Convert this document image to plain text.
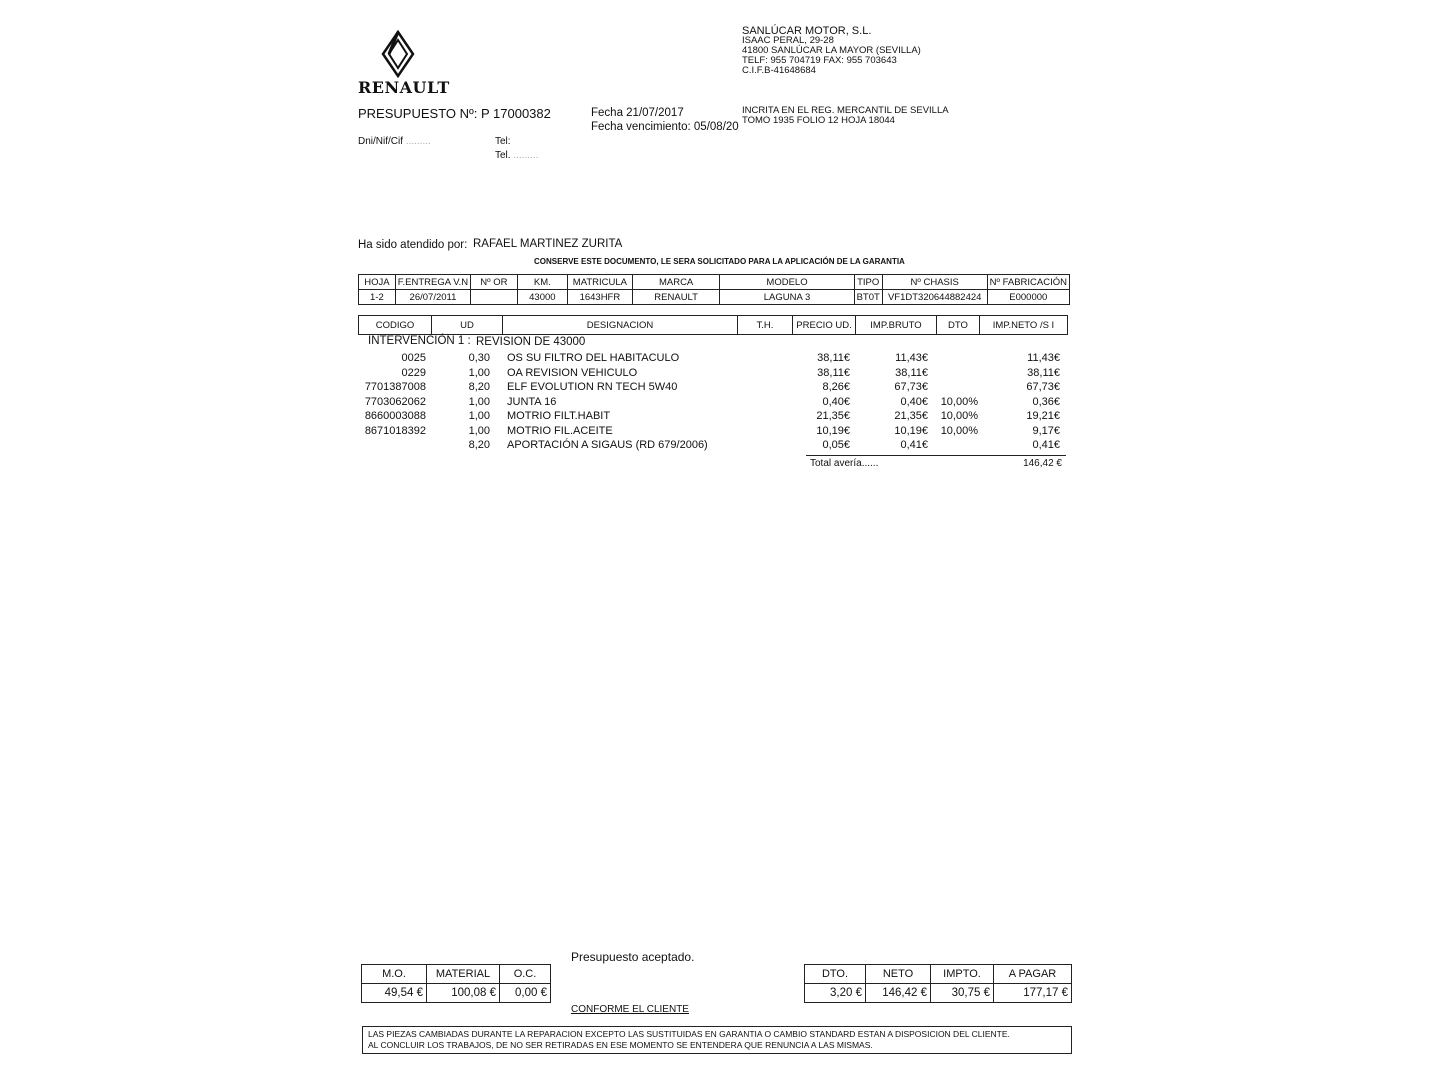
RENAULT
SANLÚCAR MOTOR, S.L.
ISAAC PERAL, 29-28
41800 SANLÚCAR LA MAYOR (SEVILLA)
TELF: 955 704719 FAX: 955 703643
C.I.F.B-41648684
INCRITA EN EL REG. MERCANTIL DE SEVILLA
TOMO 1935 FOLIO 12 HOJA 18044
PRESUPUESTO Nº: P 17000382	Fecha 21/07/2017
Fecha vencimiento: 05/08/20
Dni/Nif/Cif .........	Tel:
Tel. .........
Ha sido atendido por: RAFAEL MARTINEZ ZURITA
CONSERVE ESTE DOCUMENTO, LE SERA SOLICITADO PARA LA APLICACIÓN DE LA GARANTIA
HOJA	F.ENTREGA V.N	Nº OR	KM.	MATRICULA	MARCA	MODELO	TIPO	Nº CHASIS	Nº FABRICACIÓN
1-2	26/07/2011		43000	1643HFR	RENAULT	LAGUNA 3	BT0T	VF1DT320644882424	E000000
CODIGO	UD	DESIGNACION	T.H.	PRECIO UD.	IMP.BRUTO	DTO	IMP.NETO /S I
INTERVENCIÓN 1 : REVISION DE 43000
0025	0,30 OS SU FILTRO DEL HABITACULO	38,11€	11,43€	11,43€
0229	1,00 OA REVISION VEHICULO	38,11€	38,11€	38,11€
7701387008	8,20 ELF EVOLUTION RN TECH 5W40	8,26€	67,73€	67,73€
7703062062	1,00 JUNTA 16	0,40€	0,40€	10,00%	0,36€
8660003088	1,00 MOTRIO FILT.HABIT	21,35€	21,35€	10,00%	19,21€
8671018392	1,00 MOTRIO FIL.ACEITE	10,19€	10,19€	10,00%	9,17€
8,20 APORTACIÓN A SIGAUS (RD 679/2006)	0,05€	0,41€	0,41€
Total avería......	146,42 €
Presupuesto aceptado.
CONFORME EL CLIENTE
M.O.	MATERIAL	O.C.
49,54 €	100,08 €	0,00 €
DTO.	NETO	IMPTO.	A PAGAR
3,20 €	146,42 €	30,75 €	177,17 €
LAS PIEZAS CAMBIADAS DURANTE LA REPARACION EXCEPTO LAS SUSTITUIDAS EN GARANTIA O CAMBIO STANDARD ESTAN A DISPOSICION DEL CLIENTE.
AL CONCLUIR LOS TRABAJOS, DE NO SER RETIRADAS EN ESE MOMENTO SE ENTENDERA QUE RENUNCIA A LAS MISMAS.
